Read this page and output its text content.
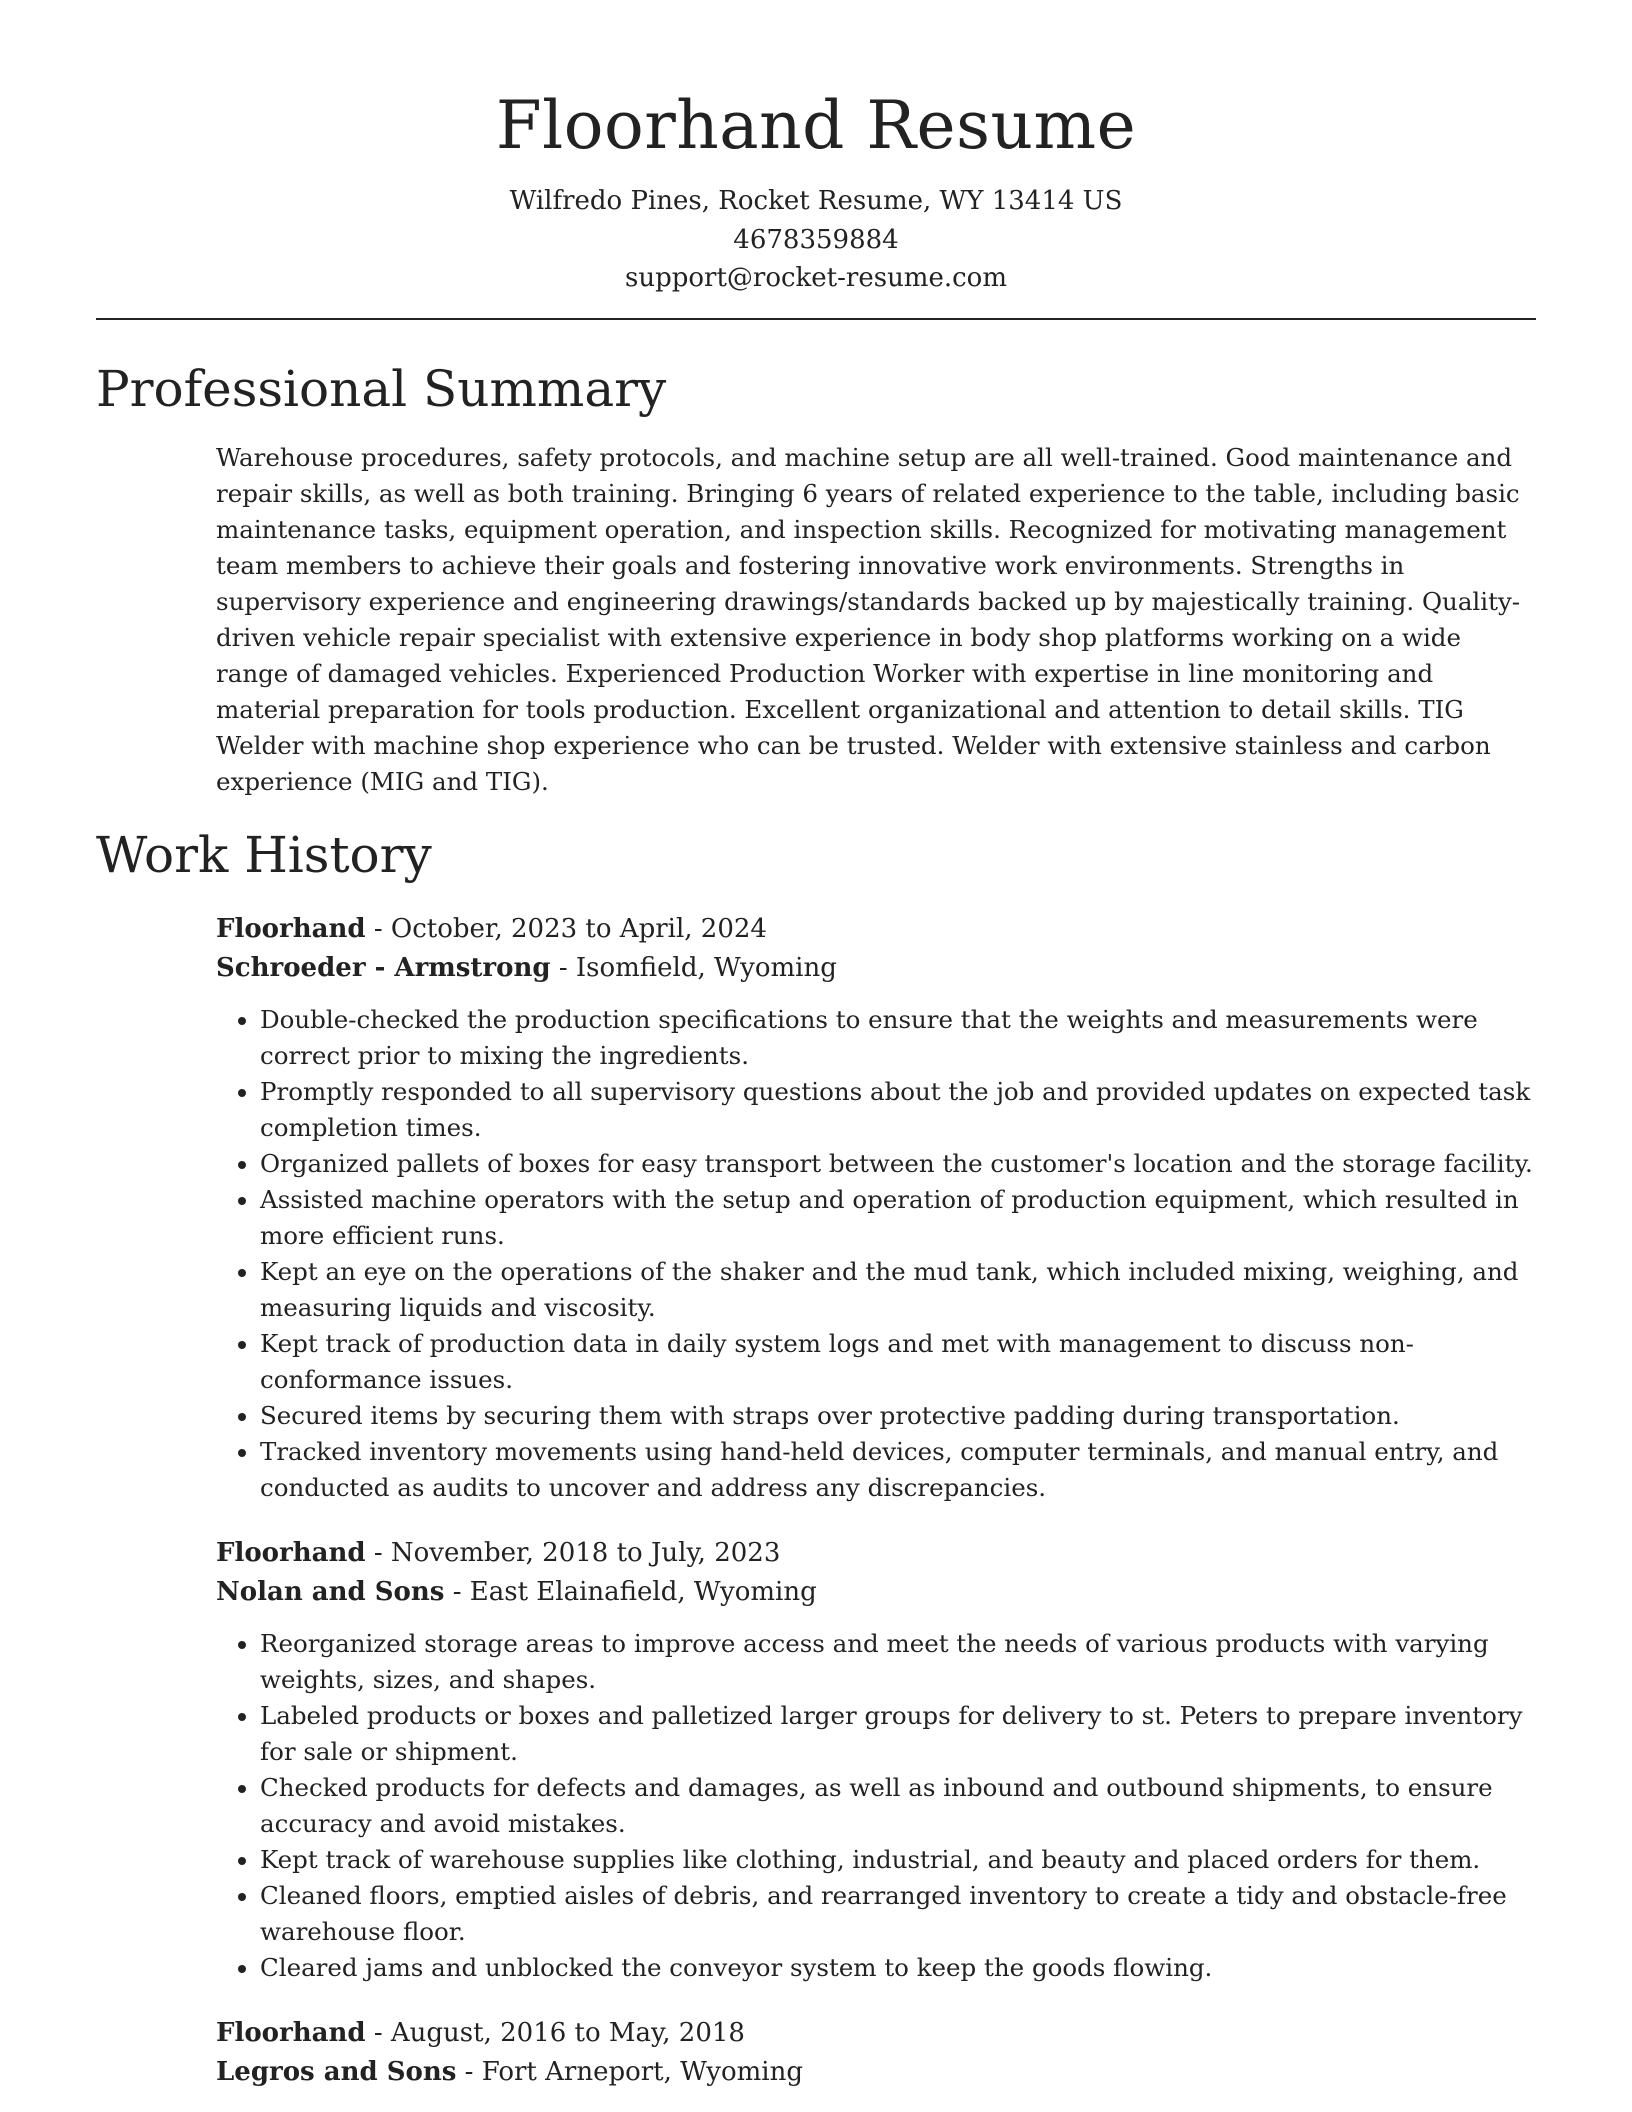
Floorhand Resume
Wilfredo Pines, Rocket Resume, WY 13414 US
4678359884
support@rocket-resume.com
Professional Summary

Warehouse procedures, safety protocols, and machine setup are all well-trained. Good maintenance and repair skills, as well as both training. Bringing 6 years of related experience to the table, including basic maintenance tasks, equipment operation, and inspection skills. Recognized for motivating management team members to achieve their goals and fostering innovative work environments. Strengths in supervisory experience and engineering drawings/standards backed up by majestically training. Quality-driven vehicle repair specialist with extensive experience in body shop platforms working on a wide range of damaged vehicles. Experienced Production Worker with expertise in line monitoring and material preparation for tools production. Excellent organizational and attention to detail skills. TIG Welder with machine shop experience who can be trusted. Welder with extensive stainless and carbon experience (MIG and TIG).

Work History
Floorhand - October, 2023 to April, 2024
Schroeder - Armstrong - Isomfield, Wyoming
• Double-checked the production specifications to ensure that the weights and measurements were correct prior to mixing the ingredients.
• Promptly responded to all supervisory questions about the job and provided updates on expected task completion times.
• Organized pallets of boxes for easy transport between the customer's location and the storage facility.
• Assisted machine operators with the setup and operation of production equipment, which resulted in more efficient runs.
• Kept an eye on the operations of the shaker and the mud tank, which included mixing, weighing, and measuring liquids and viscosity.
• Kept track of production data in daily system logs and met with management to discuss non-conformance issues.
• Secured items by securing them with straps over protective padding during transportation.
• Tracked inventory movements using hand-held devices, computer terminals, and manual entry, and conducted as audits to uncover and address any discrepancies.
Floorhand - November, 2018 to July, 2023
Nolan and Sons - East Elainafield, Wyoming
• Reorganized storage areas to improve access and meet the needs of various products with varying weights, sizes, and shapes.
• Labeled products or boxes and palletized larger groups for delivery to st. Peters to prepare inventory for sale or shipment.
• Checked products for defects and damages, as well as inbound and outbound shipments, to ensure accuracy and avoid mistakes.
• Kept track of warehouse supplies like clothing, industrial, and beauty and placed orders for them.
• Cleaned floors, emptied aisles of debris, and rearranged inventory to create a tidy and obstacle-free warehouse floor.
• Cleared jams and unblocked the conveyor system to keep the goods flowing.
Floorhand - August, 2016 to May, 2018
Legros and Sons - Fort Arneport, Wyoming
